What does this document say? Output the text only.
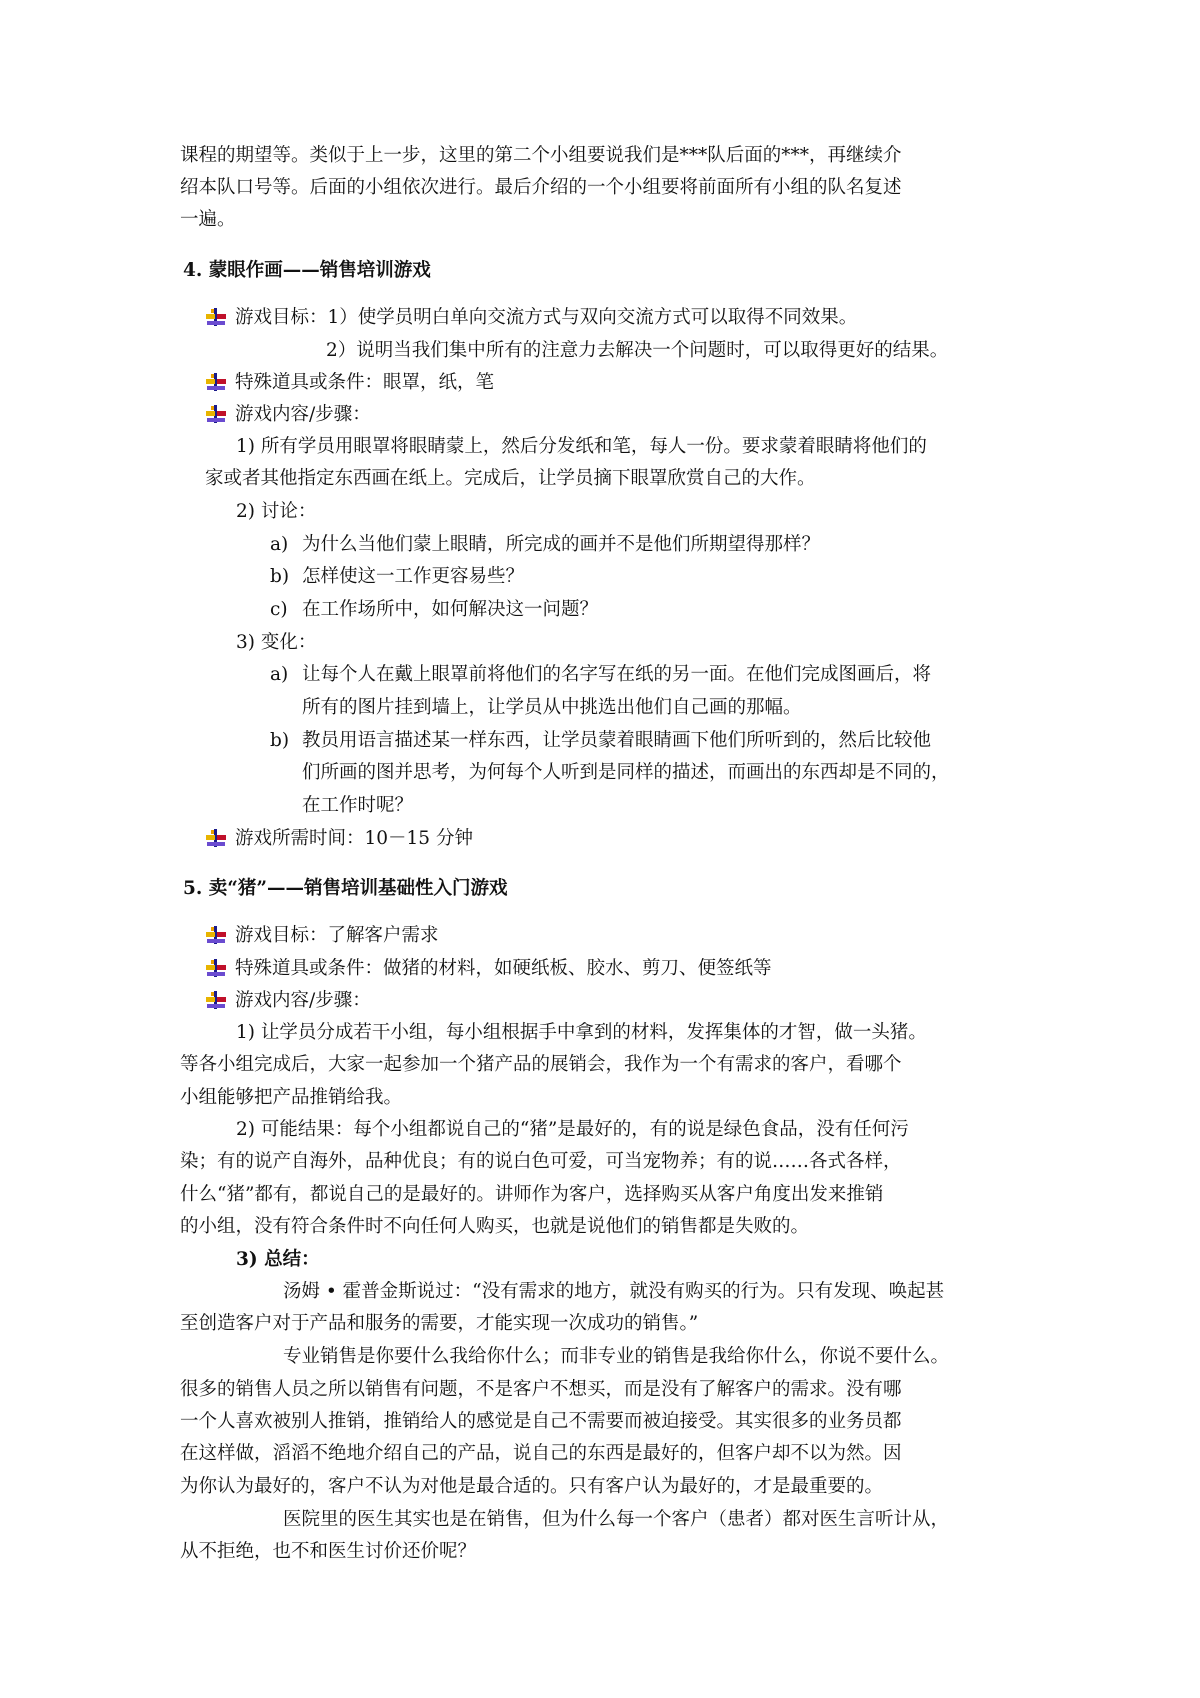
课程的期望等。类似于上一步，这里的第二个小组要说我们是***队后面的***，再继续介
绍本队口号等。后面的小组依次进行。最后介绍的一个小组要将前面所有小组的队名复述
一遍。
4. 蒙眼作画——销售培训游戏
游戏目标：1）使学员明白单向交流方式与双向交流方式可以取得不同效果。
2）说明当我们集中所有的注意力去解决一个问题时，可以取得更好的结果。
特殊道具或条件：眼罩，纸，笔
游戏内容/步骤：
1) 所有学员用眼罩将眼睛蒙上，然后分发纸和笔，每人一份。要求蒙着眼睛将他们的
家或者其他指定东西画在纸上。完成后，让学员摘下眼罩欣赏自己的大作。
2) 讨论：
a) 为什么当他们蒙上眼睛，所完成的画并不是他们所期望得那样？
b) 怎样使这一工作更容易些？
c) 在工作场所中，如何解决这一问题？
3) 变化：
a) 让每个人在戴上眼罩前将他们的名字写在纸的另一面。在他们完成图画后，将
所有的图片挂到墙上，让学员从中挑选出他们自己画的那幅。
b) 教员用语言描述某一样东西，让学员蒙着眼睛画下他们所听到的，然后比较他
们所画的图并思考，为何每个人听到是同样的描述，而画出的东西却是不同的，
在工作时呢？
游戏所需时间：10－15 分钟
5. 卖“猪”——销售培训基础性入门游戏
游戏目标：了解客户需求
特殊道具或条件：做猪的材料，如硬纸板、胶水、剪刀、便签纸等
游戏内容/步骤：
1) 让学员分成若干小组，每小组根据手中拿到的材料，发挥集体的才智，做一头猪。
等各小组完成后，大家一起参加一个猪产品的展销会，我作为一个有需求的客户，看哪个
小组能够把产品推销给我。
2) 可能结果：每个小组都说自己的“猪”是最好的，有的说是绿色食品，没有任何污
染；有的说产自海外，品种优良；有的说白色可爱，可当宠物养；有的说……各式各样，
什么“猪”都有，都说自己的是最好的。讲师作为客户，选择购买从客户角度出发来推销
的小组，没有符合条件时不向任何人购买，也就是说他们的销售都是失败的。
3) 总结：
汤姆 • 霍普金斯说过：“没有需求的地方，就没有购买的行为。只有发现、唤起甚
至创造客户对于产品和服务的需要，才能实现一次成功的销售。”
专业销售是你要什么我给你什么；而非专业的销售是我给你什么，你说不要什么。
很多的销售人员之所以销售有问题，不是客户不想买，而是没有了解客户的需求。没有哪
一个人喜欢被别人推销，推销给人的感觉是自己不需要而被迫接受。其实很多的业务员都
在这样做，滔滔不绝地介绍自己的产品，说自己的东西是最好的，但客户却不以为然。因
为你认为最好的，客户不认为对他是最合适的。只有客户认为最好的，才是最重要的。
医院里的医生其实也是在销售，但为什么每一个客户（患者）都对医生言听计从，
从不拒绝，也不和医生讨价还价呢？
